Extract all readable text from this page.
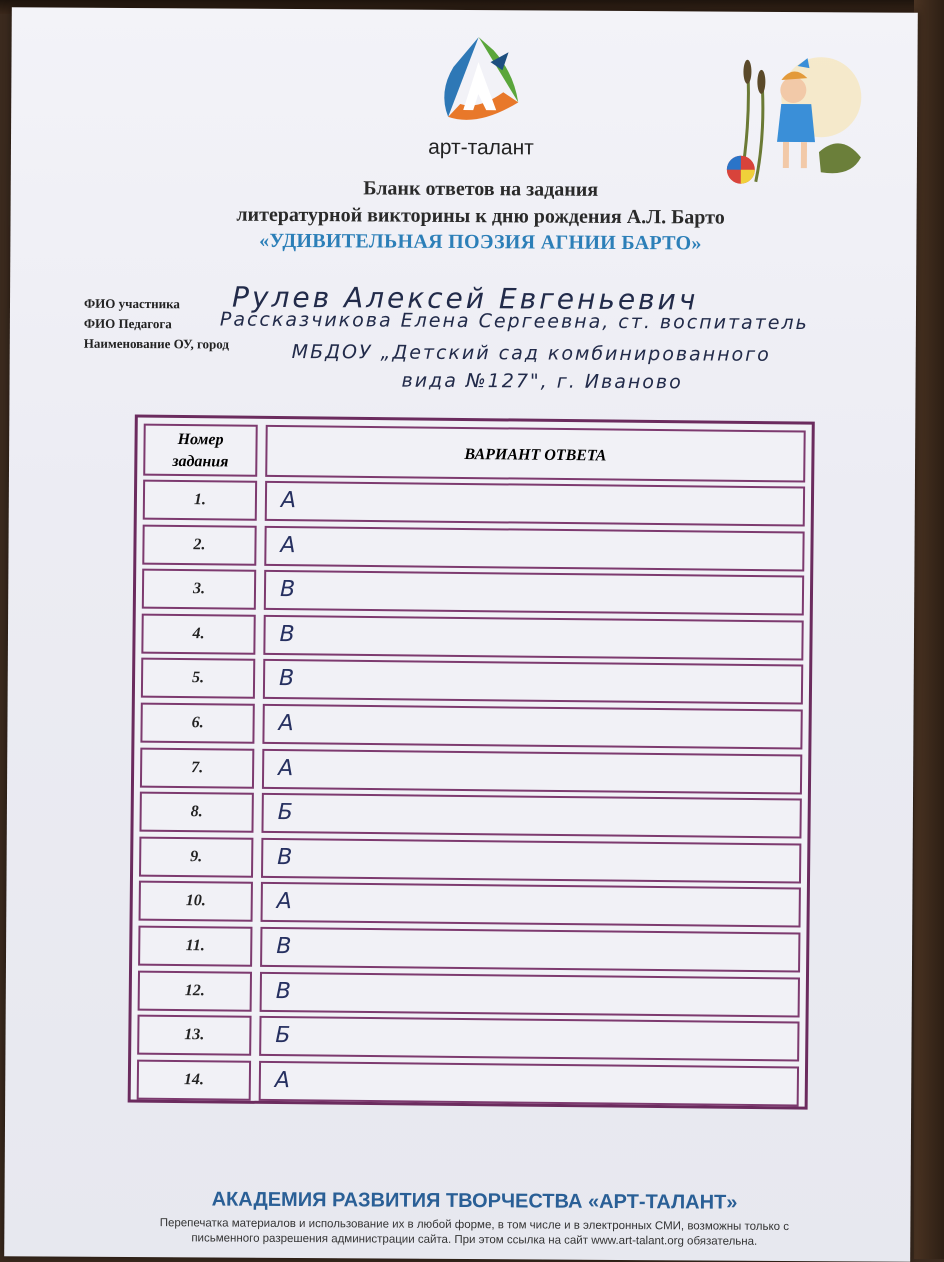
арт-талант
Бланк ответов на задания
литературной викторины к дню рождения А.Л. Барто
«УДИВИТЕЛЬНАЯ ПОЭЗИЯ АГНИИ БАРТО»
ФИО участника Рулев Алексей Евгеньевич
ФИО Педагога	Рассказчикова Елена Сергеевна, ст. воспитатель
Наименование ОУ, город	МБДОУ „Детский сад комбинированного
вида №127", г. Иваново
Номер
задания	ВАРИАНТ ОТВЕТА
1.	А
2.	А
3.	В
4.	В
5.	В
6.	А
7.	А
8.	Б
9.	В
10.	А
11.	В
12.	В
13.	Б
14.	А
АКАДЕМИЯ РАЗВИТИЯ ТВОРЧЕСТВА «АРТ-ТАЛАНТ»
Перепечатка материалов и использование их в любой форме, в том числе и в электронных СМИ, возможны только с
письменного разрешения администрации сайта. При этом ссылка на сайт www.art-talant.org обязательна.
